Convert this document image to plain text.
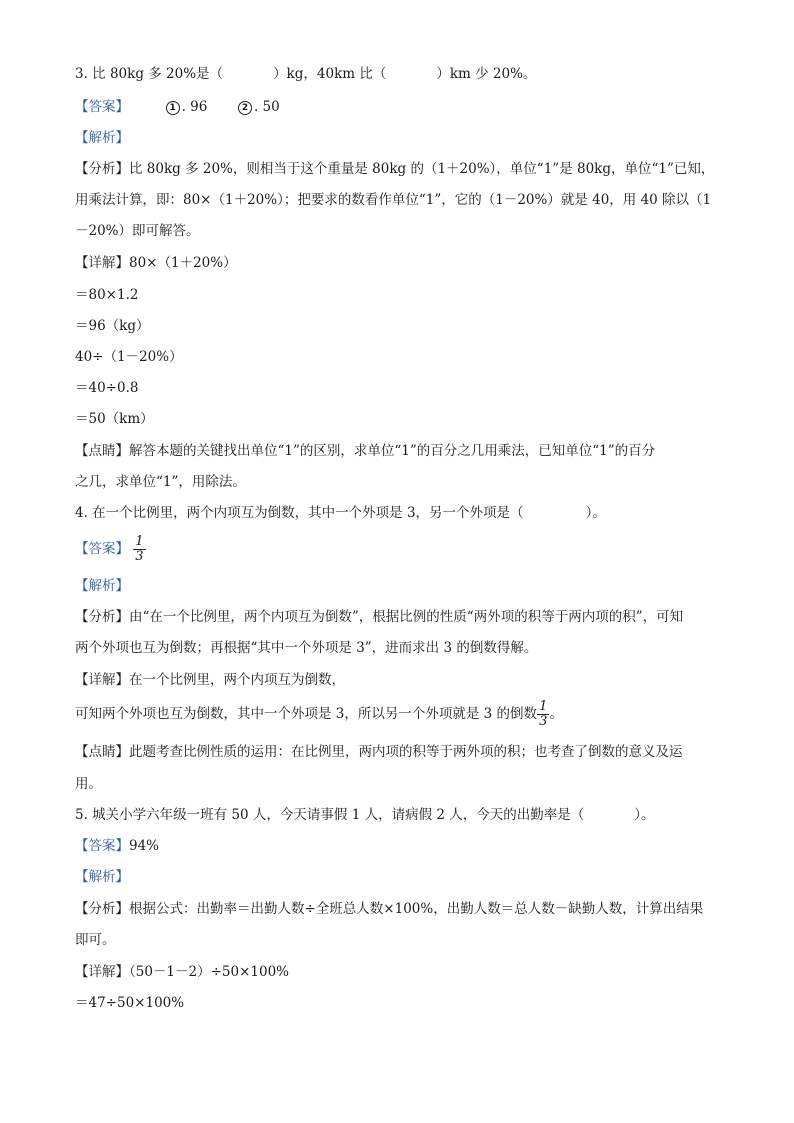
3. 比 80kg 多 20%是（	）kg，40km 比（	）km 少 20%。
【答案】	1 . 96	2 . 50
【解析】
【分析】比 80kg 多 20%，则相当于这个重量是 80kg 的（1＋20%），单位“1”是 80kg，单位“1”已知，
用乘法计算，即：80×（1＋20%）；把要求的数看作单位“1”，它的（1－20%）就是 40，用 40 除以（1
－20%）即可解答。
【详解】80×（1＋20%）
＝80×1.2
＝96（kg）
40÷（1－20%）
＝40÷0.8
＝50（km）
【点睛】解答本题的关键找出单位“1”的区别，求单位“1”的百分之几用乘法，已知单位“1”的百分
之几，求单位“1”，用除法。
4. 在一个比例里，两个内项互为倒数，其中一个外项是 3，另一个外项是（	）。
【答案】 $\frac{1}{3}$
【解析】
【分析】由“在一个比例里，两个内项互为倒数”，根据比例的性质“两外项的积等于两内项的积”，可知
两个外项也互为倒数；再根据“其中一个外项是 3”，进而求出 3 的倒数得解。
【详解】在一个比例里，两个内项互为倒数，
可知两个外项也互为倒数，其中一个外项是 3，所以另一个外项就是 3 的倒数 $\frac{1}{3}$ 。
【点睛】此题考查比例性质的运用：在比例里，两内项的积等于两外项的积；也考查了倒数的意义及运
用。
5. 城关小学六年级一班有 50 人，今天请事假 1 人，请病假 2 人，今天的出勤率是（	）。
【答案】94%
【解析】
【分析】根据公式：出勤率＝出勤人数÷全班总人数×100%，出勤人数＝总人数－缺勤人数，计算出结果
即可。
【详解】（50－1－2）÷50×100%
＝47÷50×100%
